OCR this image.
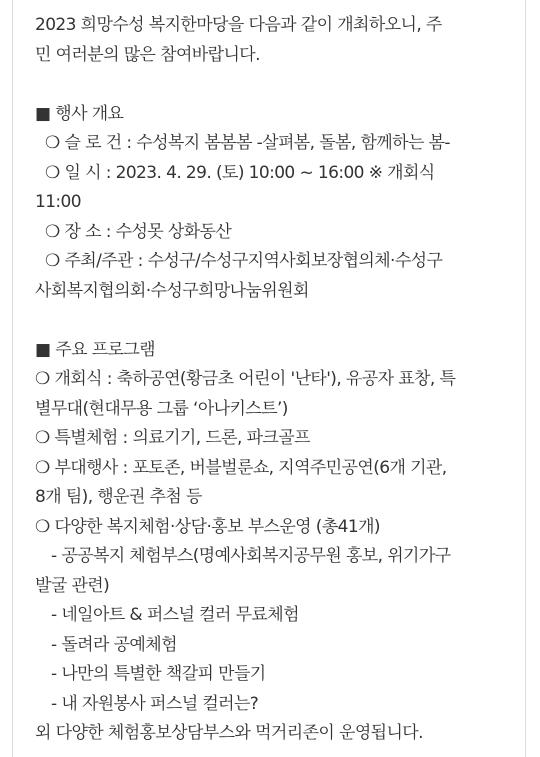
2023 희망수성 복지한마당을 다음과 같이 개최하오니, 주
민 여러분의 많은 참여바랍니다.
■ 행사 개요
❍ 슬 로 건 : 수성복지 봄봄봄 -살펴봄, 돌봄, 함께하는 봄-
❍ 일 시 : 2023. 4. 29. (토) 10:00 ~ 16:00 ※ 개회식
11:00
❍ 장 소 : 수성못 상화동산
❍ 주최/주관 : 수성구/수성구지역사회보장협의체·수성구
사회복지협의회·수성구희망나눔위원회
■ 주요 프로그램
❍ 개회식 : 축하공연(황금초 어린이 '난타'), 유공자 표창, 특
별무대(현대무용 그룹 ‘아나키스트’)
❍ 특별체험 : 의료기기, 드론, 파크골프
❍ 부대행사 : 포토존, 버블벌룬쇼, 지역주민공연(6개 기관,
8개 팀), 행운권 추첨 등
❍ 다양한 복지체험·상담·홍보 부스운영 (총41개)
- 공공복지 체험부스(명예사회복지공무원 홍보, 위기가구
발굴 관련)
- 네일아트 & 퍼스널 컬러 무료체험
- 돌려라 공예체험
- 나만의 특별한 책갈피 만들기
- 내 자원봉사 퍼스널 컬러는?
외 다양한 체험홍보상담부스와 먹거리존이 운영됩니다.
